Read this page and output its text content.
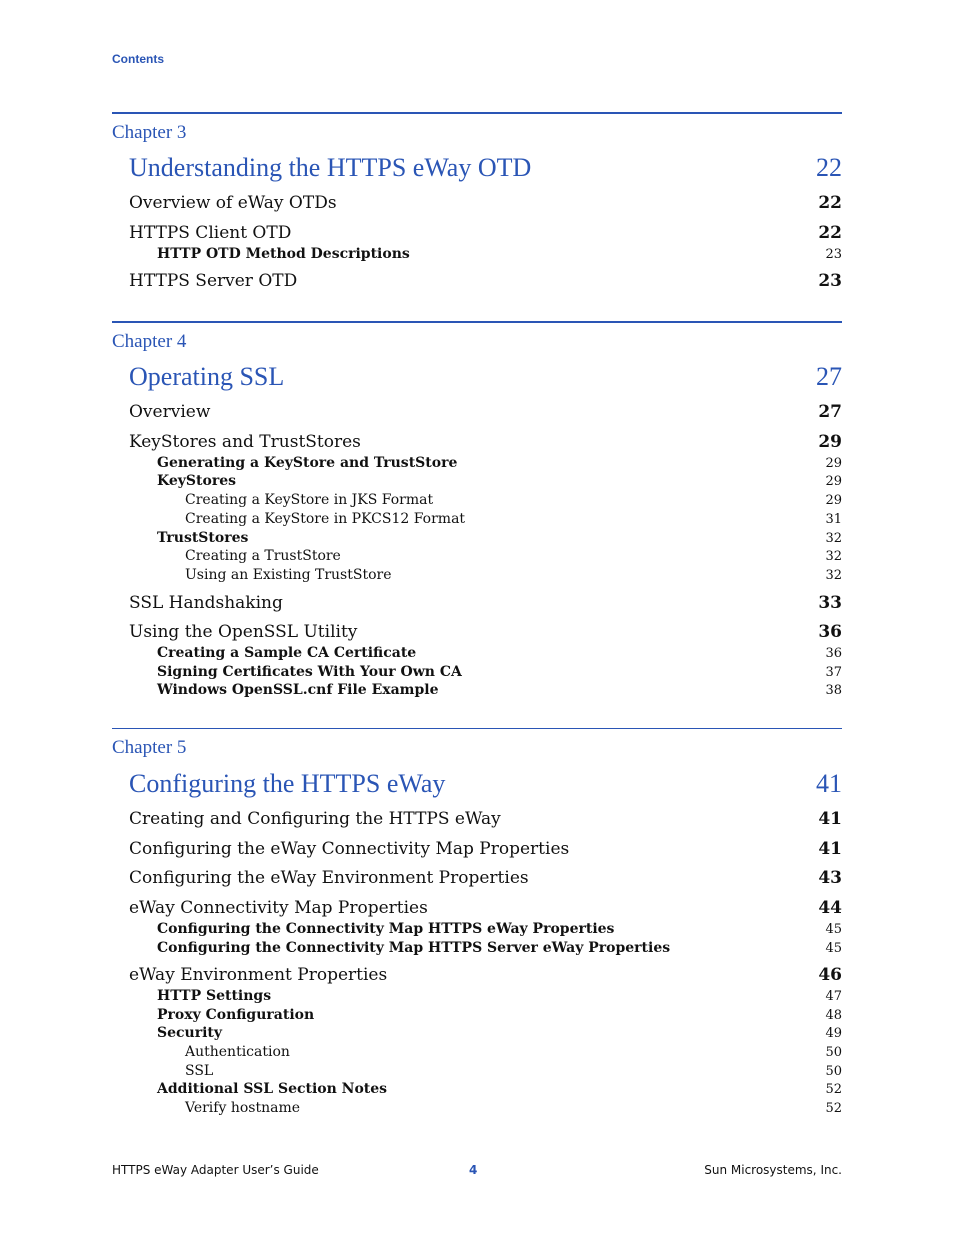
Contents
Chapter 3
Understanding the HTTPS eWay OTD	22
Overview of eWay OTDs	22
HTTPS Client OTD	22
HTTP OTD Method Descriptions	23
HTTPS Server OTD	23
Chapter 4
Operating SSL	27
Overview	27
KeyStores and TrustStores	29
Generating a KeyStore and TrustStore	29
KeyStores	29
Creating a KeyStore in JKS Format	29
Creating a KeyStore in PKCS12 Format	31
TrustStores	32
Creating a TrustStore	32
Using an Existing TrustStore	32
SSL Handshaking	33
Using the OpenSSL Utility	36
Creating a Sample CA Certificate	36
Signing Certificates With Your Own CA	37
Windows OpenSSL.cnf File Example	38
Chapter 5
Configuring the HTTPS eWay	41
Creating and Configuring the HTTPS eWay	41
Configuring the eWay Connectivity Map Properties	41
Configuring the eWay Environment Properties	43
eWay Connectivity Map Properties	44
Configuring the Connectivity Map HTTPS eWay Properties	45
Configuring the Connectivity Map HTTPS Server eWay Properties	45
eWay Environment Properties	46
HTTP Settings	47
Proxy Configuration	48
Security	49
Authentication	50
SSL	50
Additional SSL Section Notes	52
Verify hostname	52
HTTPS eWay Adapter User’s Guide	4	Sun Microsystems, Inc.
